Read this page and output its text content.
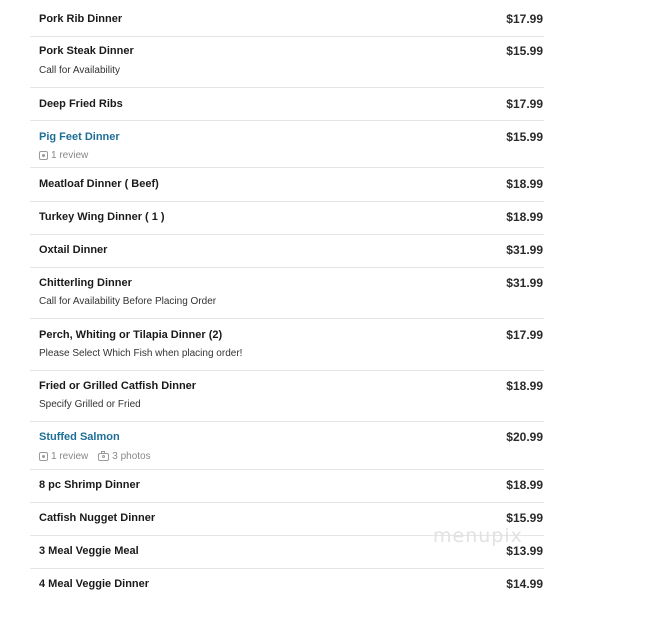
Pork Rib Dinner	$17.99
Pork Steak Dinner	$15.99
Call for Availability
Deep Fried Ribs	$17.99
Pig Feet Dinner	$15.99
1 review
Meatloaf Dinner ( Beef)	$18.99
Turkey Wing Dinner ( 1 )	$18.99
Oxtail Dinner	$31.99
Chitterling Dinner	$31.99
Call for Availability Before Placing Order
Perch, Whiting or Tilapia Dinner (2)	$17.99
Please Select Which Fish when placing order!
Fried or Grilled Catfish Dinner	$18.99
Specify Grilled or Fried
Stuffed Salmon	$20.99
1 review 3 photos
8 pc Shrimp Dinner	$18.99
Catfish Nugget Dinner	$15.99
3 Meal Veggie Meal	$13.99
4 Meal Veggie Dinner	$14.99
menupix
